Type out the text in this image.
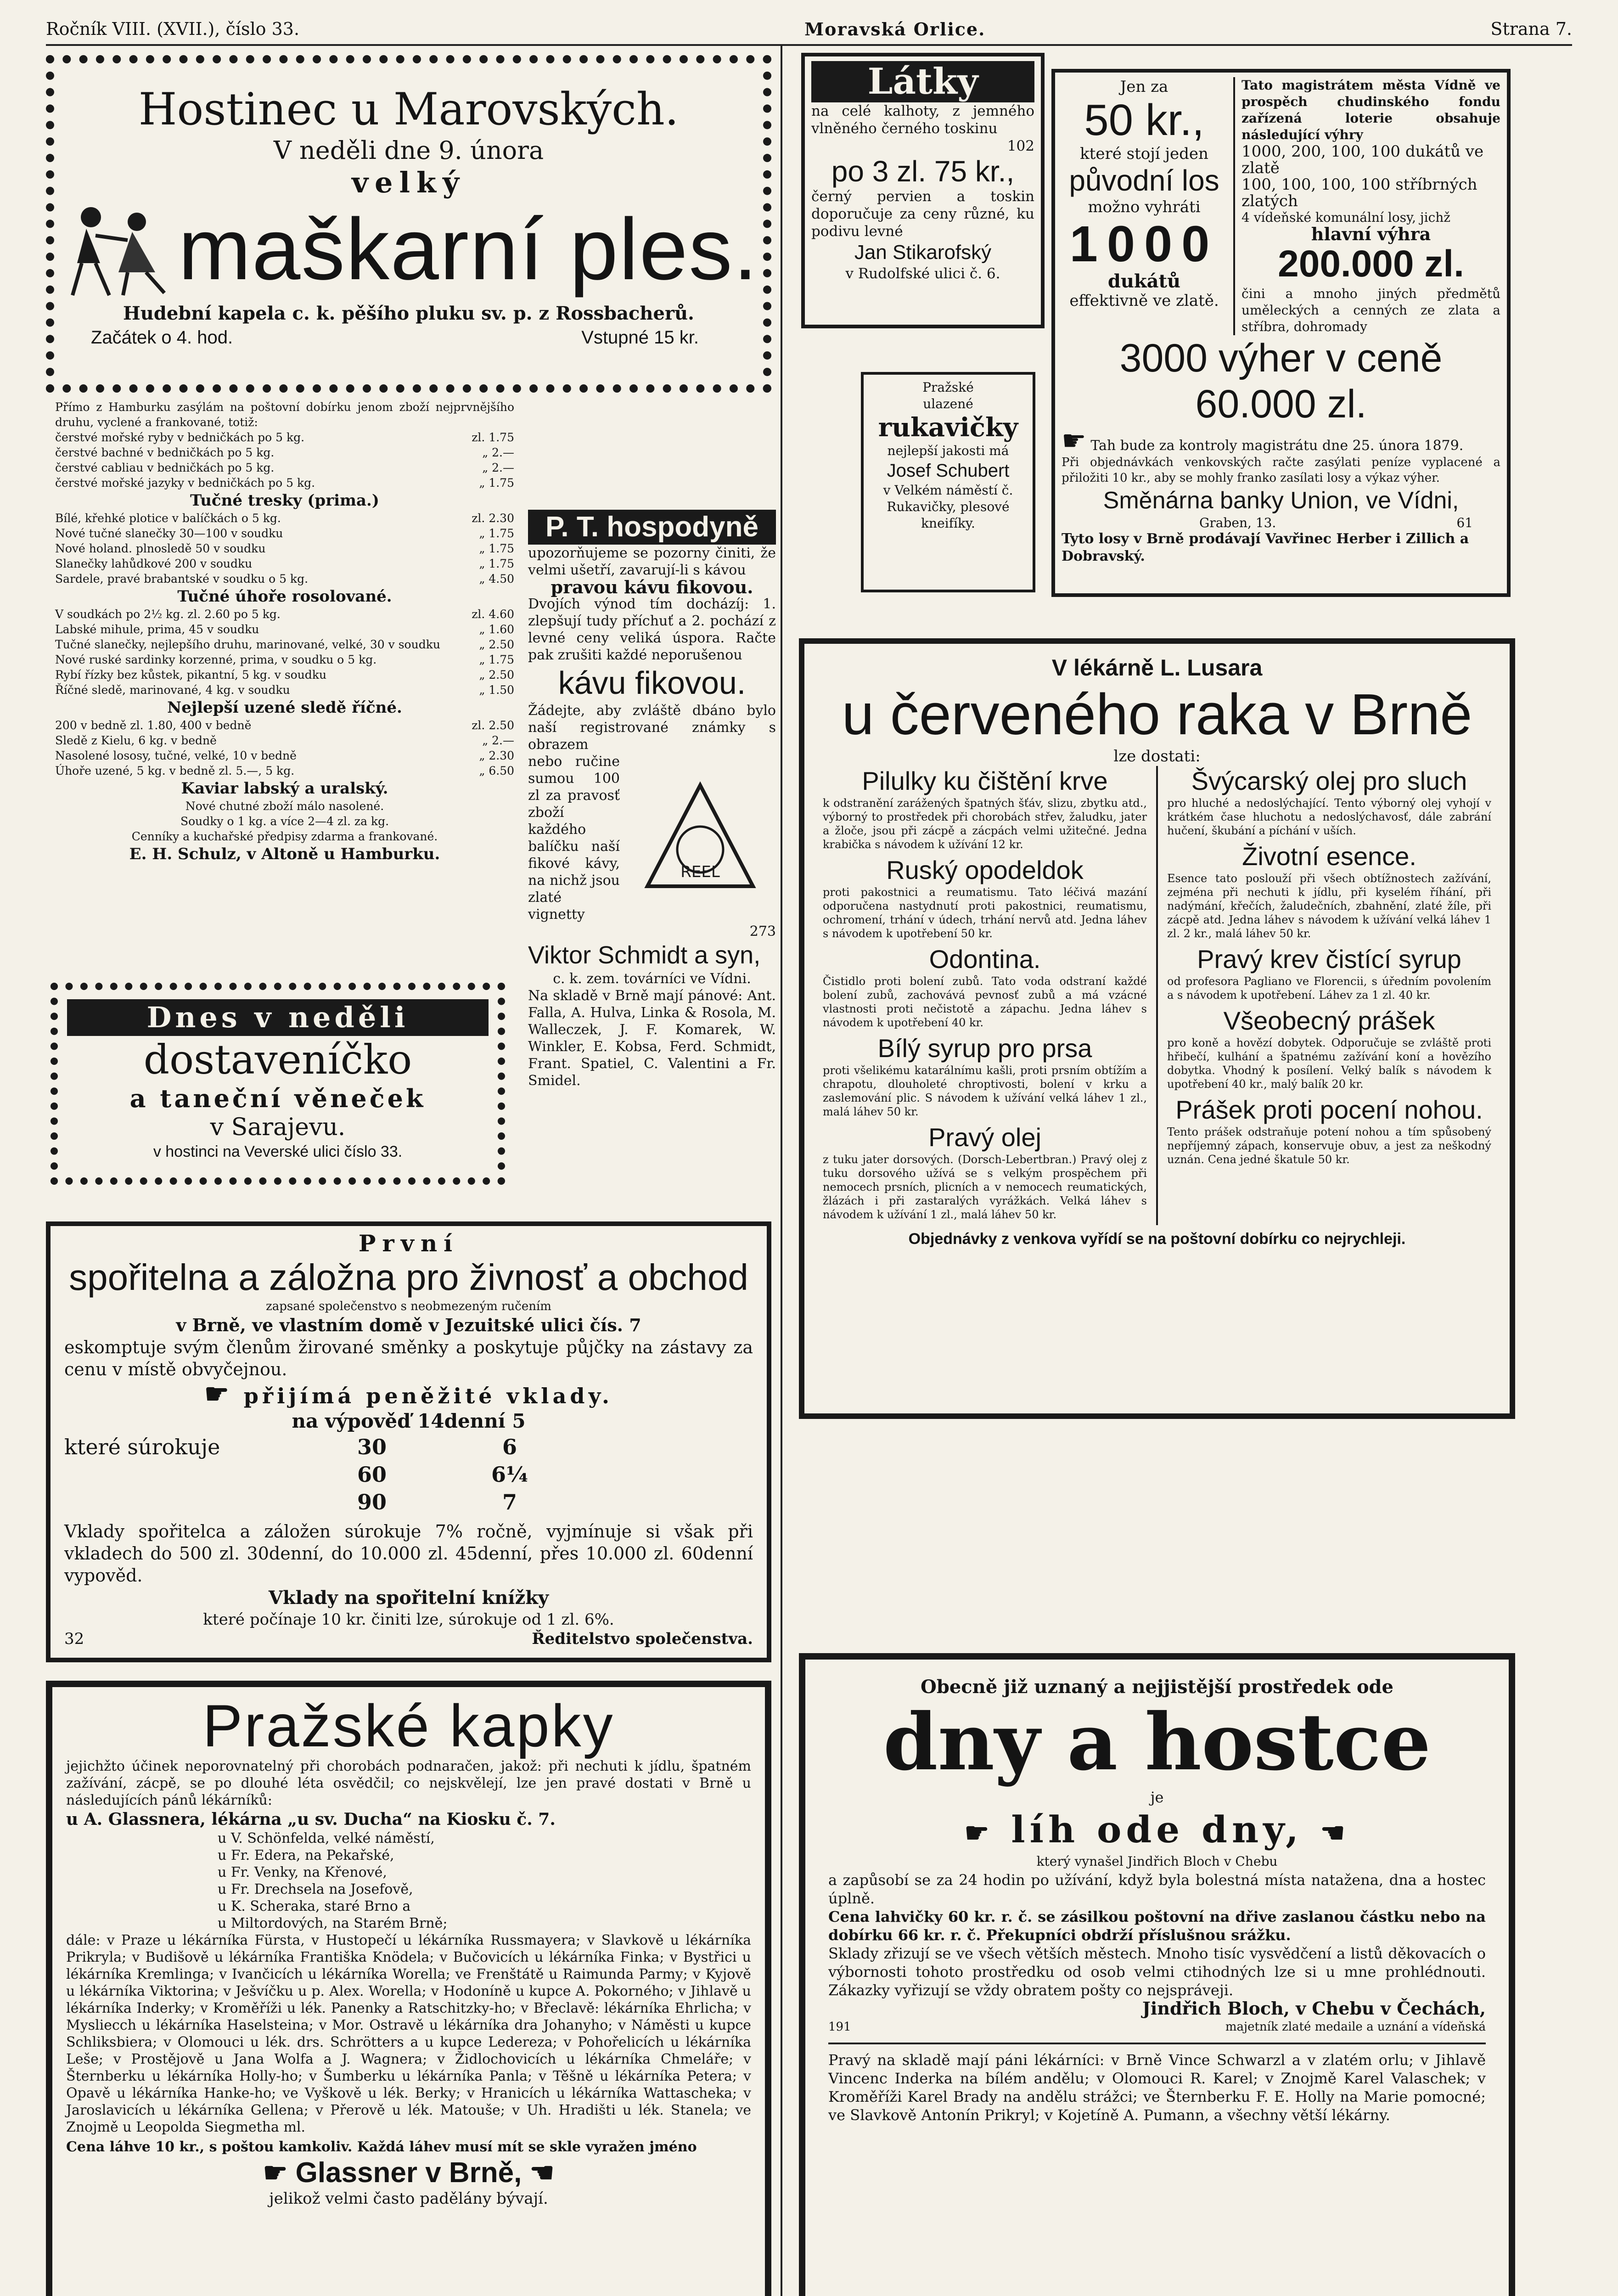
Ročník VIII. (XVII.), číslo 33.	Moravská Orlice.	Strana 7.
Hostinec u Marovských.
V neděli dne 9. února
velký
maškarní ples.
Hudební kapela c. k. pěšího pluku sv. p. z Rossbacherů.
Začátek o 4. hod.	Vstupné 15 kr.

Přímo z Hamburku zasýlám na poštovní dobírku jenom zboží nejprvnějšího druhu, vyclené a frankované, totiž:

čerstvé mořské ryby v bedničkách po 5 kg.	zl. 1.75
čerstvé bachné v bedničkách po 5 kg.	„ 2.—
čerstvé cabliau v bedničkách po 5 kg.	„ 2.—
čerstvé mořské jazyky v bedničkách po 5 kg.	„ 1.75
Tučné tresky (prima.)
Bílé, křehké plotice v balíčkách o 5 kg.	zl. 2.30
Nové tučné slanečky 30—100 v soudku	„ 1.75
Nové holand. plnosledě 50 v soudku	„ 1.75
Slanečky lahůdkové 200 v soudku	„ 1.75
Sardele, pravé brabantské v soudku o 5 kg.	„ 4.50
Tučné úhoře rosolované.
V soudkách po 2½ kg. zl. 2.60 po 5 kg.	zl. 4.60
Labské mihule, prima, 45 v soudku	„ 1.60
Tučné slanečky, nejlepšího druhu, marinované, velké, 30 v soudku	„ 2.50
Nové ruské sardinky korzenné, prima, v soudku o 5 kg.	„ 1.75
Rybí řízky bez kůstek, pikantní, 5 kg. v soudku	„ 2.50
Říčné sledě, marinované, 4 kg. v soudku	„ 1.50
Nejlepší uzené sledě říčné.
200 v bedně zl. 1.80, 400 v bedně	zl. 2.50
Sledě z Kielu, 6 kg. v bedně	„ 2.—
Nasolené lososy, tučné, velké, 10 v bedně	„ 2.30
Úhoře uzené, 5 kg. v bedně zl. 5.—, 5 kg.	„ 6.50
Kaviar labský a uralský.
Nové chutné zboží málo nasolené.
Soudky o 1 kg. a více 2—4 zl. za kg.
Cenníky a kuchařské předpisy zdarma a frankované.
E. H. Schulz, v Altoně u Hamburku.
Dnes v neděli
dostaveníčko
a taneční věneček
v Sarajevu.
v hostinci na Veverské ulici číslo 33.
První
spořitelna a záložna pro živnosť a obchod
zapsané společenstvo s neobmezeným ručením
v Brně, ve vlastním domě v Jezuitské ulici čís. 7
eskomptuje svým členům žirované směnky a poskytuje půjčky na zástavy za cenu v místě obvyčejnou.
☛ přijímá peněžité vklady.
na výpověď 14denní 5
které súrokuje	30	6
60	6¼
90	7
Vklady spořitelca a záložen súrokuje 7% ročně, vyjmínuje si však při vkladech do 500 zl. 30denní, do 10.000 zl. 45denní, přes 10.000 zl. 60denní vypověd.
Vklady na spořitelní knížky
které počínaje 10 kr. činiti lze, súrokuje od 1 zl. 6%.
32	Ředitelstvo společenstva.
Pražské kapky
jejichžto účinek neporovnatelný při chorobách podnaračen, jakož: při nechuti k jídlu, špatném zažívání, zácpě, se po dlouhé léta osvědčil; co nejskvělejí, lze jen pravé dostati v Brně u následujících pánů lékárníků:
u A. Glassnera, lékárna „u sv. Ducha“ na Kiosku č. 7.
u V. Schönfelda, velké náměstí,
u Fr. Edera, na Pekařské,
u Fr. Venky, na Křenové,
u Fr. Drechsela na Josefově,
u K. Scheraka, staré Brno a
u Miltordových, na Starém Brně;
dále: v Praze u lékárníka Fürsta, v Hustopečí u lékárníka Russmayera; v Slavkově u lékárníka Prikryla; v Budišově u lékárníka Františka Knödela; v Bučovicích u lékárníka Finka; v Bystřici u lékárníka Kremlinga; v Ivančicích u lékárníka Worella; ve Frenštátě u Raimunda Parmy; v Kyjově u lékárníka Viktorina; v Ješvíčku u p. Alex. Worella; v Hodoníně u kupce A. Pokorného; v Jihlavě u lékárníka Inderky; v Kroměříži u lék. Panenky a Ratschitzky-ho; v Břeclavě: lékárníka Ehrlicha; v Mysliecch u lékárníka Haselsteina; v Mor. Ostravě u lékárníka dra Johanyho; v Náměsti u kupce Schliksbiera; v Olomouci u lék. drs. Schrötters a u kupce Ledereza; v Pohořelicích u lékárníka Leše; v Prostějově u Jana Wolfa a J. Wagnera; v Židlochovicích u lékárníka Chmeláře; v Šternberku u lékárníka Holly-ho; v Šumberku u lékárníka Panla; v Těšně u lékárníka Petera; v Opavě u lékárníka Hanke-ho; ve Vyškově u lék. Berky; v Hranicích u lékárníka Wattascheka; v Jaroslavicích u lékárníka Gellena; v Přerově u lék. Matouše; v Uh. Hradišti u lék. Stanela; ve Znojmě u Leopolda Siegmetha ml.
Cena láhve 10 kr., s poštou kamkoliv. Každá láhev musí mít se skle vyražen jméno
☛ Glassner v Brně, ☚
jelikož velmi často padělány bývají.
Látky
na celé kalhoty, z jemného vlněného černého toskinu
102
po 3 zl. 75 kr.,
černý pervien a toskin doporučuje za ceny různé, ku podivu levné
Jan Stikarofský
v Rudolfské ulici č. 6.
Pražské
ulazené
rukavičky
nejlepší jakosti má
Josef Schubert
v Velkém náměstí č.
Rukavičky, plesové
kneifíky.
P. T. hospodyně
upozorňujeme se pozorny činiti, že velmi ušetří, zavarují-li s kávou
pravou kávu fikovou.
Dvojích výnod tím docházíj: 1. zlepšují tudy příchuť a 2. pochází z levné ceny veliká úspora. Račte pak zrušiti každé neporušenou
kávu fikovou.
Žádejte, aby zvláště dbáno bylo naší registrované známky s obrazem
nebo ručine sumou 100 zl za pravosť zboží každého balíčku naší fikové kávy, na nichž jsou zlaté vignetty
REEL
273
Viktor Schmidt a syn,
c. k. zem. továrníci ve Vídni.
Na skladě v Brně mají pánové: Ant. Falla, A. Hulva, Linka & Rosola, M. Walleczek, J. F. Komarek, W. Winkler, E. Kobsa, Ferd. Schmidt, Frant. Spatiel, C. Valentini a Fr. Smidel.
Jen za
50 kr.,
které stojí jeden
původní los
možno vyhráti
1000
dukátů
effektivně ve zlatě.
Tato magistrátem města Vídně ve prospěch chudinského fondu zařízená loterie obsahuje následující výhry
1000, 200, 100, 100 dukátů ve zlatě
100, 100, 100, 100 stříbrných zlatých
4 vídeňské komunální losy, jichž
hlavní výhra
200.000 zl.
čini a mnoho jiných předmětů uměleckých a cenných ze zlata a stříbra, dohromady
3000 výher v ceně 60.000 zl.
☛ Tah bude za kontroly magistrátu dne 25. února 1879.
Při objednávkách venkovských račte zasýlati peníze vyplacené a přiložiti 10 kr., aby se mohly franko zasílati losy a výkaz výher.
Směnárna banky Union, ve Vídni,
Graben, 13.	61
Tyto losy v Brně prodávají Vavřinec Herber i Zillich a Dobravský.
V lékárně L. Lusara
u červeného raka v Brně
lze dostati:
Pilulky ku čištění krve
k odstranění zarážených špatných šťáv, slizu, zbytku atd., výborný to prostředek při chorobách střev, žaludku, jater a žloče, jsou při zácpě a zácpách velmi užitečné. Jedna krabička s návodem k užívání 12 kr.
Ruský opodeldok
proti pakostnici a reumatismu. Tato léčivá mazání odporučena nastydnutí proti pakostnici, reumatismu, ochromení, trhání v údech, trhání nervů atd. Jedna láhev s návodem k upotřebení 50 kr.
Odontina.
Čistidlo proti bolení zubů. Tato voda odstraní každé bolení zubů, zachovává pevnosť zubů a má vzácné vlastnosti proti nečistotě a zápachu. Jedna láhev s návodem k upotřebení 40 kr.
Bílý syrup pro prsa
proti všelikému katarálnímu kašli, proti prsním obtížím a chrapotu, dlouholeté chroptivosti, bolení v krku a zaslemování plic. S návodem k užívání velká láhev 1 zl., malá láhev 50 kr.
Pravý olej
z tuku jater dorsových. (Dorsch-Lebertbran.) Pravý olej z tuku dorsového užívá se s velkým prospěchem při nemocech prsních, plicních a v nemocech reumatických, žlázách i při zastaralých vyrážkách. Velká láhev s návodem k užívání 1 zl., malá láhev 50 kr.
Švýcarský olej pro sluch
pro hluché a nedoslýchající. Tento výborný olej vyhojí v krátkém čase hluchotu a nedoslýchavosť, dále zabrání hučení, škubání a píchání v uších.
Životní esence.
Esence tato poslouží při všech obtížnostech zažívání, zejména při nechuti k jídlu, při kyselém říhání, při nadýmání, křečích, žaludečních, zbahnění, zlaté žíle, při zácpě atd. Jedna láhev s návodem k užívání velká láhev 1 zl. 2 kr., malá láhev 50 kr.
Pravý krev čistící syrup
od profesora Pagliano ve Florencii, s úředním povolením a s návodem k upotřebení. Láhev za 1 zl. 40 kr.
Všeobecný prášek
pro koně a hovězí dobytek. Odporučuje se zvláště proti hřibečí, kulhání a špatnému zažívání koní a hovězího dobytka. Vhodný k posílení. Velký balík s návodem k upotřebení 40 kr., malý balík 20 kr.
Prášek proti pocení nohou.
Tento prášek odstraňuje potení nohou a tím spůsobený nepříjemný zápach, konservuje obuv, a jest za neškodný uznán. Cena jedné škatule 50 kr.
Objednávky z venkova vyřídí se na poštovní dobírku co nejrychleji.
Obecně již uznaný a nejjistější prostředek ode
dny a hostce
je
☛ líh ode dny, ☚
který vynašel Jindřich Bloch v Chebu
a zapůsobí se za 24 hodin po užívání, když byla bolestná místa natažena, dna a hostec úplně.
Cena lahvičky 60 kr. r. č. se zásilkou poštovní na dřive zaslanou částku nebo na dobírku 66 kr. r. č. Překupníci obdrží příslušnou srážku.
Sklady zřizují se ve všech větších městech. Mnoho tisíc vysvědčení a listů děkovacích o výbornosti tohoto prostředku od osob velmi ctihodných lze si u mne prohlédnouti. Zákazky vyřizují se vždy obratem pošty co nejspráveji.
Jindřich Bloch, v Chebu v Čechách,
191	majetník zlaté medaile a uznání a vídeňská
Pravý na skladě mají páni lékárníci: v Brně Vince Schwarzl a v zlatém orlu; v Jihlavě Vincenc Inderka na bílém andělu; v Olomouci R. Karel; v Znojmě Karel Valaschek; v Kroměříži Karel Brady na andělu strážci; ve Šternberku F. E. Holly na Marie pomocné; ve Slavkově Antonín Prikryl; v Kojetíně A. Pumann, a všechny větší lékárny.
